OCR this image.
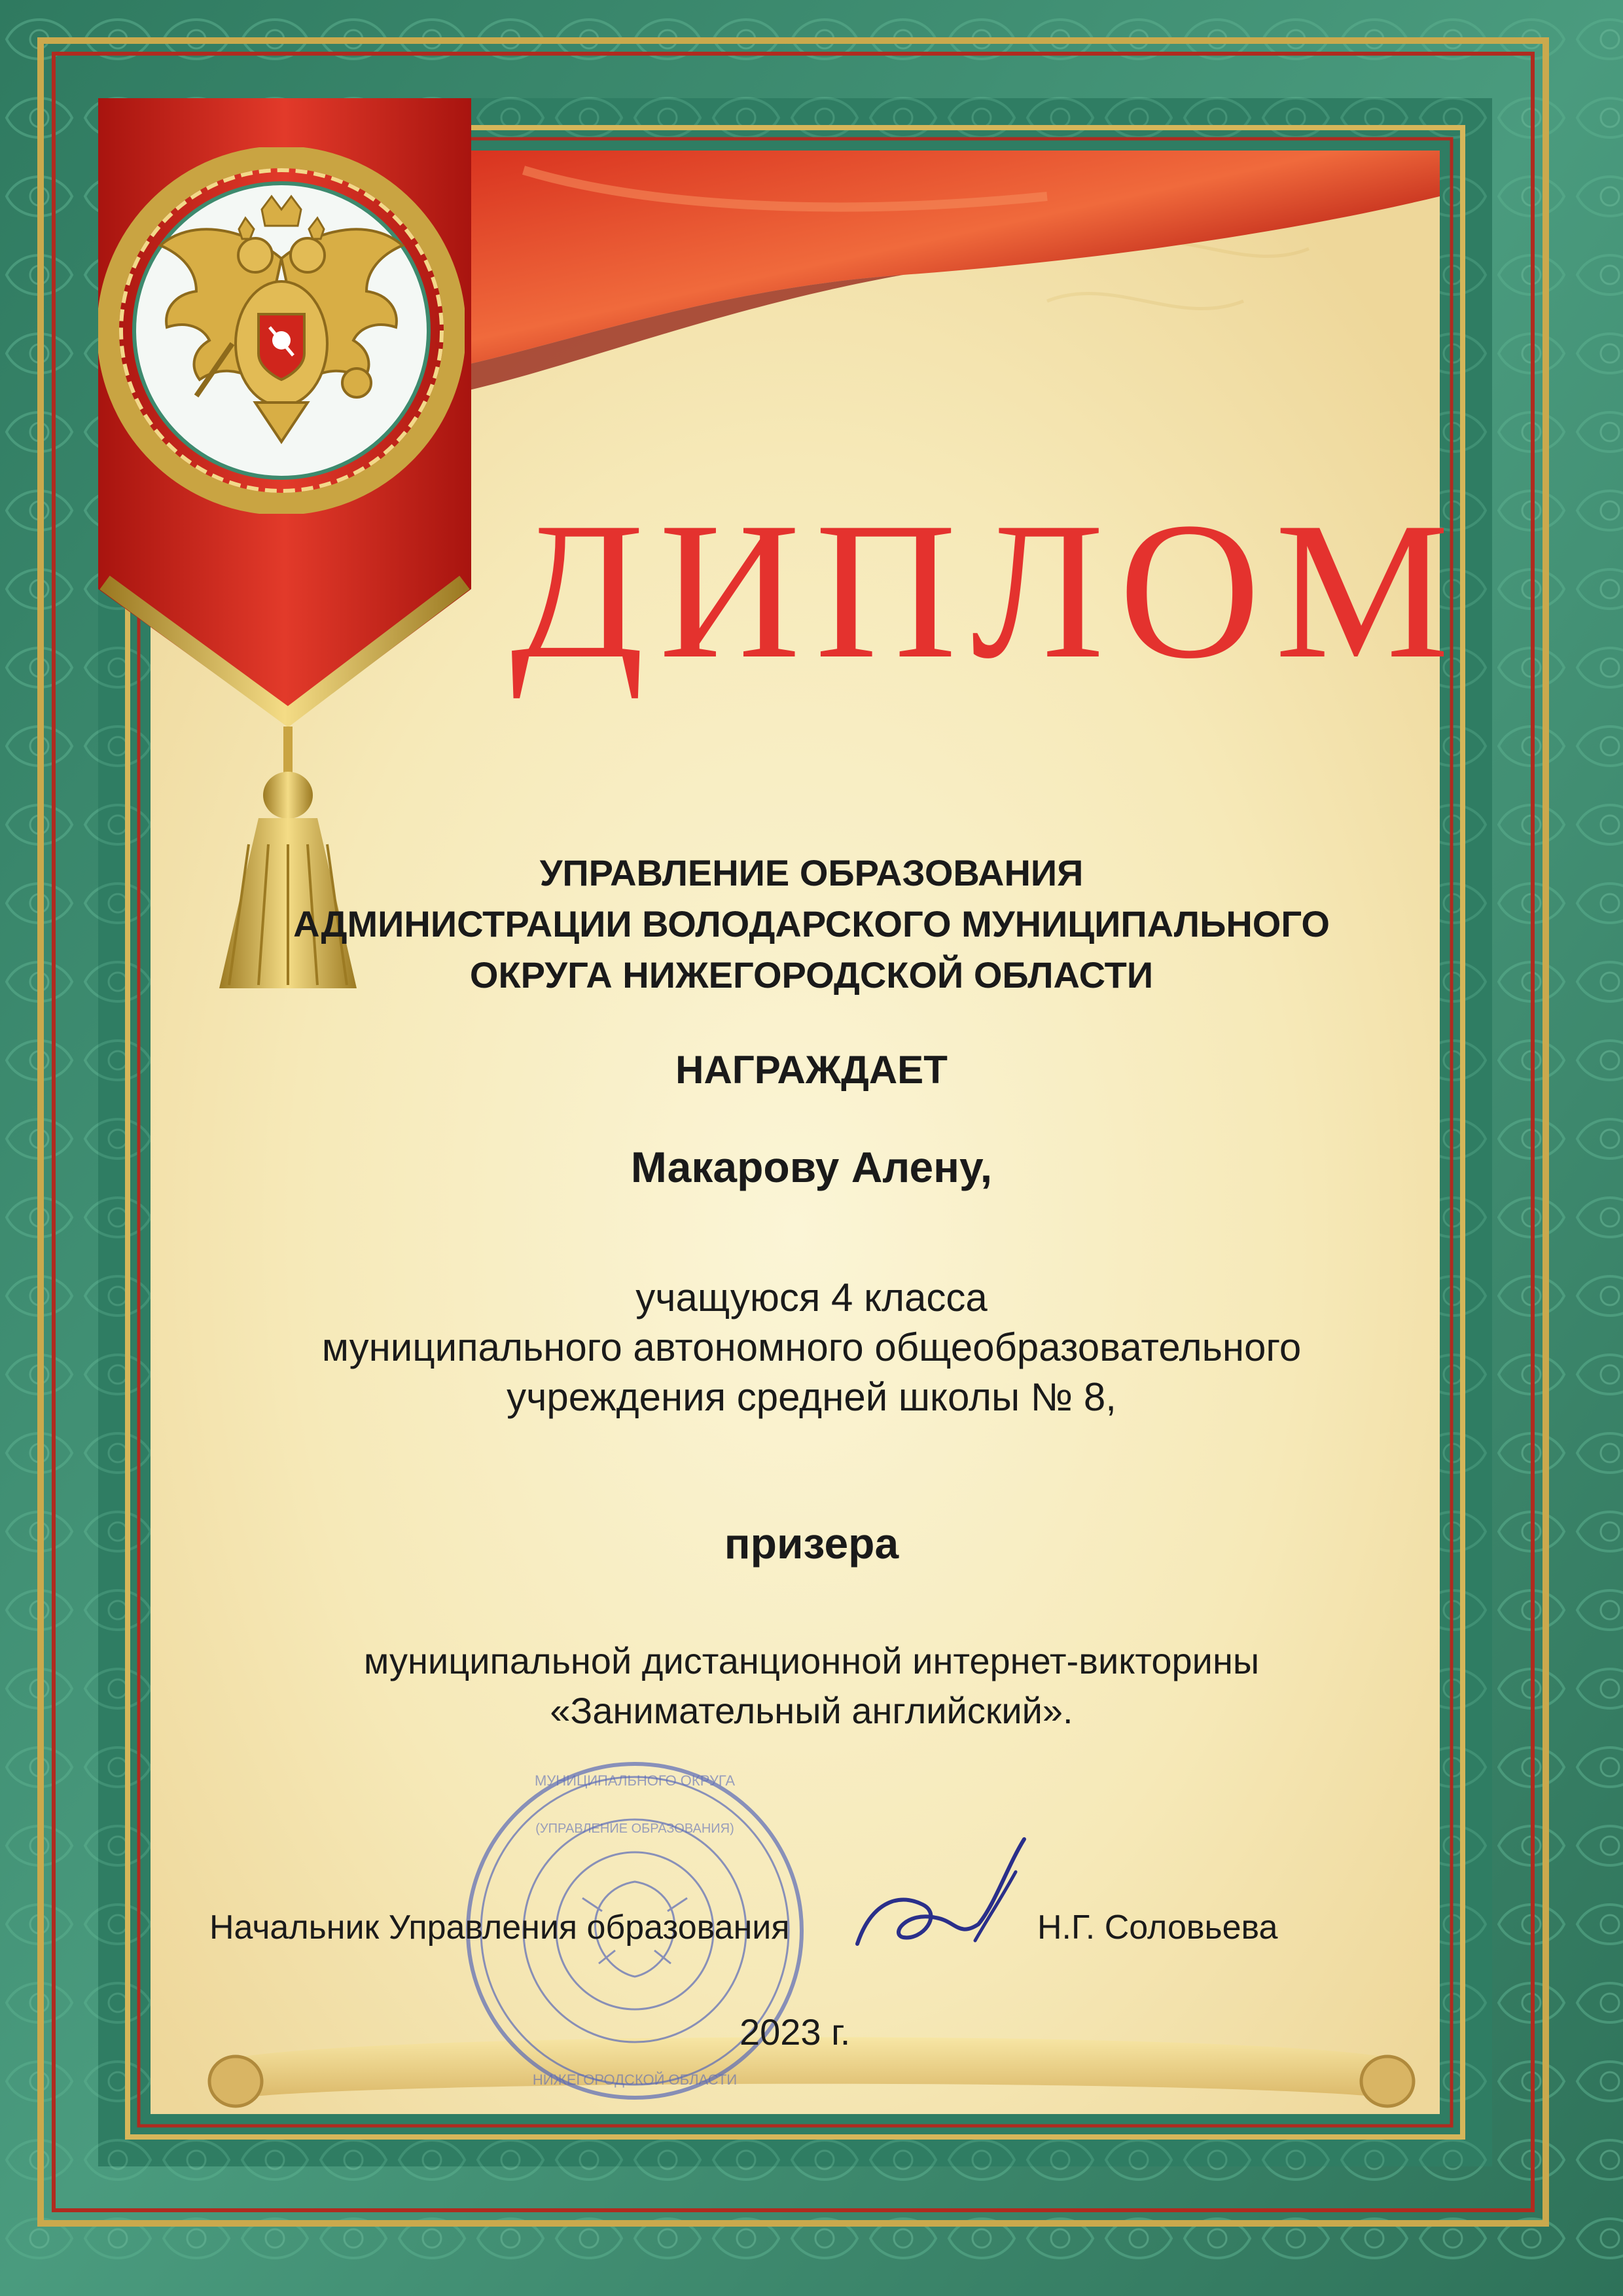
МУНИЦИПАЛЬНОГО ОКРУГА
НИЖЕГОРОДСКОЙ ОБЛАСТИ
(УПРАВЛЕНИЕ ОБРАЗОВАНИЯ)
ДИПЛОМ
УПРАВЛЕНИЕ ОБРАЗОВАНИЯ
АДМИНИСТРАЦИИ ВОЛОДАРСКОГО МУНИЦИПАЛЬНОГО
ОКРУГА НИЖЕГОРОДСКОЙ ОБЛАСТИ
НАГРАЖДАЕТ
Макарову Алену,
учащуюся 4 класса
муниципального автономного общеобразовательного
учреждения средней школы № 8,
призера
муниципальной дистанционной интернет-викторины
«Занимательный английский».
Начальник Управления образования	Н.Г. Соловьева
2023 г.
